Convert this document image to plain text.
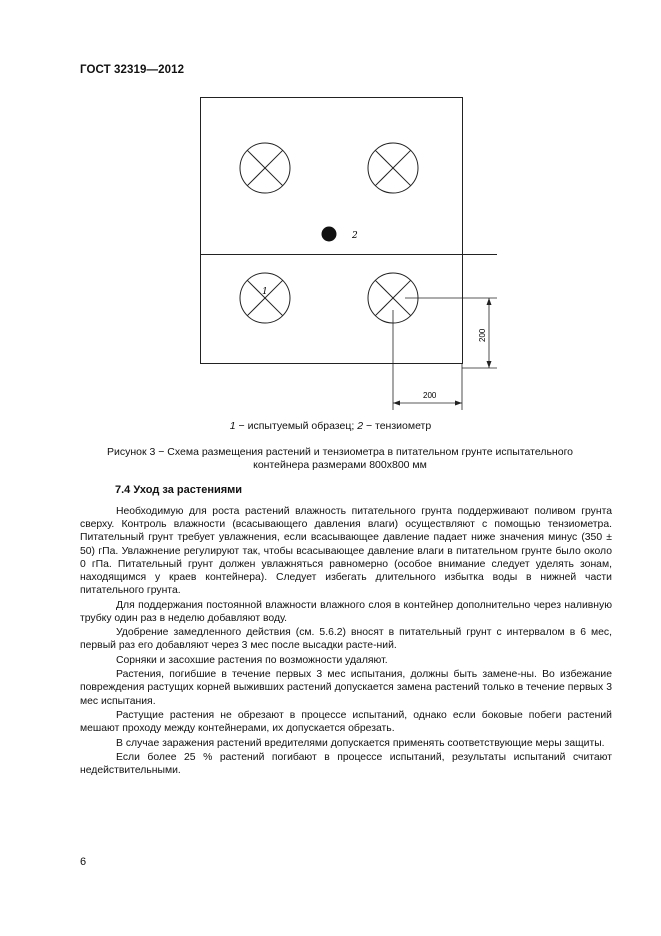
ГОСТ 32319—2012
2
1
200
200
1 − испытуемый образец; 2 − тензиометр
Рисунок 3 − Схема размещения растений и тензиометра в питательном грунте испытательного контейнера размерами 800х800 мм
7.4 Уход за растениями

Необходимую для роста растений влажность питательного грунта поддерживают поливом грунта сверху. Контроль влажности (всасывающего давления влаги) осуществляют с помощью тензиометра. Питательный грунт требует увлажнения, если всасывающее давление падает ниже значения минус (350 ± 50) гПа. Увлажнение регулируют так, чтобы всасывающее давление влаги в питательном грунте было около 0 гПа. Питательный грунт должен увлажняться равномерно (особое внимание следует уделять зонам, находящимся у краев контейнера). Следует избегать длительного избытка воды в нижней части питательного грунта.

Для поддержания постоянной влажности влажного слоя в контейнер дополнительно через наливную трубку один раз в неделю добавляют воду.

Удобрение замедленного действия (см. 5.6.2) вносят в питательный грунт с интервалом в 6 мес, первый раз его добавляют через 3 мес после высадки расте-ний.

Сорняки и засохшие растения по возможности удаляют.

Растения, погибшие в течение первых 3 мес испытания, должны быть замене-ны. Во избежание повреждения растущих корней выживших растений допускается замена растений только в течение первых 3 мес испытания.

Растущие растения не обрезают в процессе испытаний, однако если боковые побеги растений мешают проходу между контейнерами, их допускается обрезать.

В случае заражения растений вредителями допускается применять соответствующие меры защиты.

Если более 25 % растений погибают в процессе испытаний, результаты испытаний считают недействительными.

6
